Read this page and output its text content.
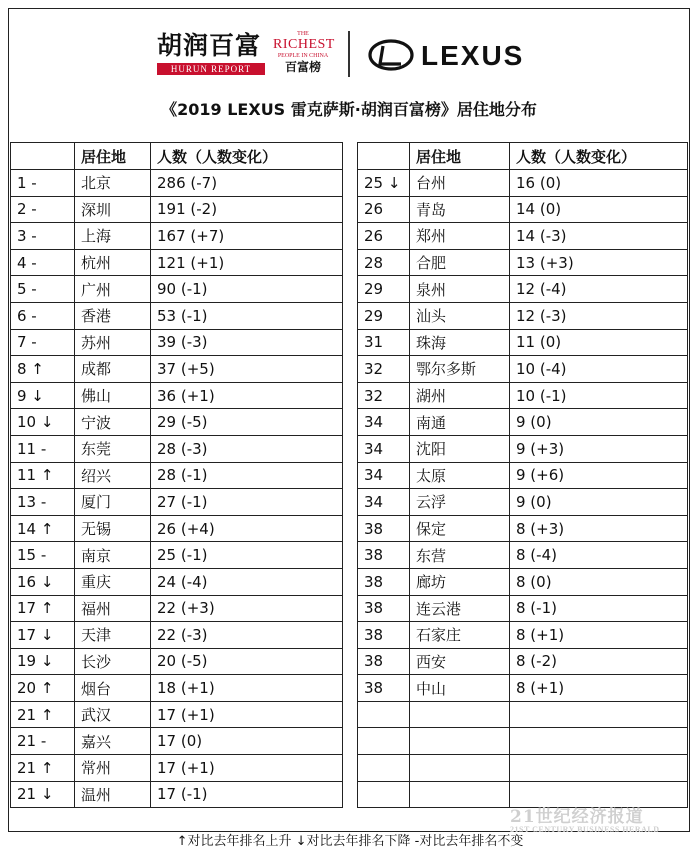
胡润百富
HURUN REPORT
THE
RICHEST
PEOPLE IN CHINA
百富榜	LEXUS
《2019 LEXUS 雷克萨斯·胡润百富榜》居住地分布
	居住地	人数（人数变化）
1 -	北京	286 (-7)
2 -	深圳	191 (-2)
3 -	上海	167 (+7)
4 -	杭州	121 (+1)
5 -	广州	90 (-1)
6 -	香港	53 (-1)
7 -	苏州	39 (-3)
8 ↑	成都	37 (+5)
9 ↓	佛山	36 (+1)
10 ↓	宁波	29 (-5)
11 -	东莞	28 (-3)
11 ↑	绍兴	28 (-1)
13 -	厦门	27 (-1)
14 ↑	无锡	26 (+4)
15 -	南京	25 (-1)
16 ↓	重庆	24 (-4)
17 ↑	福州	22 (+3)
17 ↓	天津	22 (-3)
19 ↓	长沙	20 (-5)
20 ↑	烟台	18 (+1)
21 ↑	武汉	17 (+1)
21 -	嘉兴	17 (0)
21 ↑	常州	17 (+1)
21 ↓	温州	17 (-1)
	居住地	人数（人数变化）
25 ↓	台州	16 (0)
26	青岛	14 (0)
26	郑州	14 (-3)
28	合肥	13 (+3)
29	泉州	12 (-4)
29	汕头	12 (-3)
31	珠海	11 (0)
32	鄂尔多斯	10 (-4)
32	湖州	10 (-1)
34	南通	9 (0)
34	沈阳	9 (+3)
34	太原	9 (+6)
34	云浮	9 (0)
38	保定	8 (+3)
38	东营	8 (-4)
38	廊坊	8 (0)
38	连云港	8 (-1)
38	石家庄	8 (+1)
38	西安	8 (-2)
38	中山	8 (+1)

21世纪经济报道
21ST CENTURY BUSINESS HERALD
↑对比去年排名上升 ↓对比去年排名下降 -对比去年排名不变
